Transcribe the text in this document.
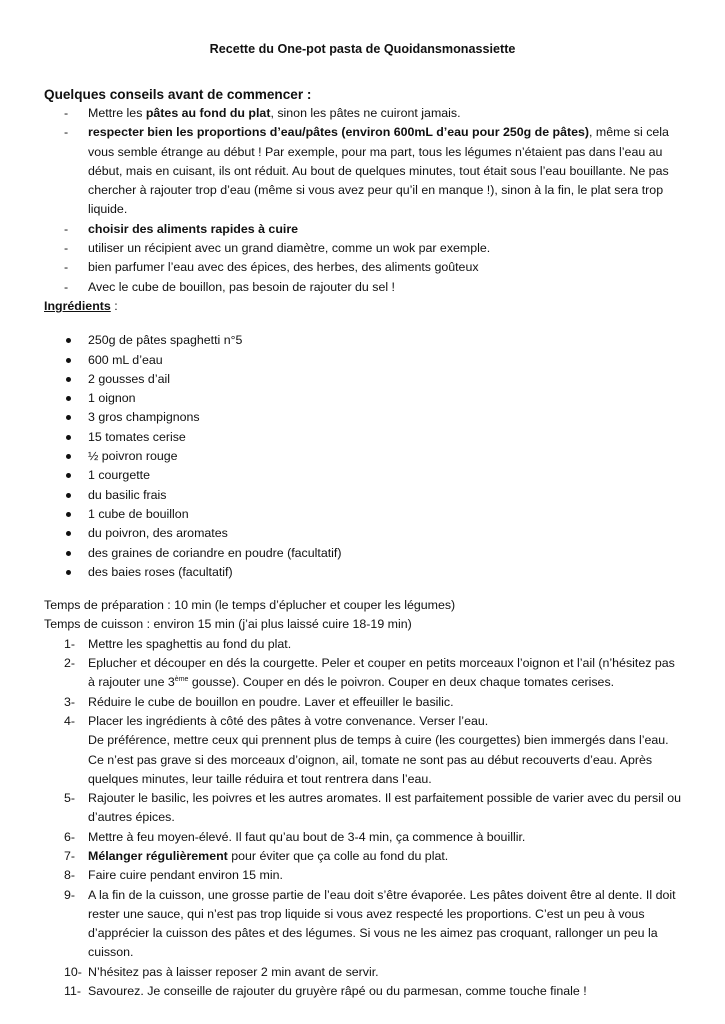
Recette du One-pot pasta de Quoidansmonassiette

Quelques conseils avant de commencer :

- Mettre les pâtes au fond du plat, sinon les pâtes ne cuiront jamais.
- respecter bien les proportions d’eau/pâtes (environ 600mL d’eau pour 250g de pâtes), même si cela vous semble étrange au début ! Par exemple, pour ma part, tous les légumes n’étaient pas dans l’eau au début, mais en cuisant, ils ont réduit. Au bout de quelques minutes, tout était sous l’eau bouillante. Ne pas chercher à rajouter trop d’eau (même si vous avez peur qu’il en manque !), sinon à la fin, le plat sera trop liquide.
- choisir des aliments rapides à cuire
- utiliser un récipient avec un grand diamètre, comme un wok par exemple.
- bien parfumer l’eau avec des épices, des herbes, des aliments goûteux
- Avec le cube de bouillon, pas besoin de rajouter du sel !

Ingrédients :

250g de pâtes spaghetti n°5
600 mL d’eau
2 gousses d’ail
1 oignon
3 gros champignons
15 tomates cerise
½ poivron rouge
1 courgette
du basilic frais
1 cube de bouillon
du poivron, des aromates
des graines de coriandre en poudre (facultatif)
des baies roses (facultatif)

Temps de préparation : 10 min (le temps d’éplucher et couper les légumes)

Temps de cuisson : environ 15 min (j’ai plus laissé cuire 18-19 min)

1- Mettre les spaghettis au fond du plat.
2- Eplucher et découper en dés la courgette. Peler et couper en petits morceaux l’oignon et l’ail (n’hésitez pas à rajouter une 3ème gousse). Couper en dés le poivron. Couper en deux chaque tomates cerises.
3- Réduire le cube de bouillon en poudre. Laver et effeuiller le basilic.
4- Placer les ingrédients à côté des pâtes à votre convenance. Verser l’eau.
De préférence, mettre ceux qui prennent plus de temps à cuire (les courgettes) bien immergés dans l’eau. Ce n’est pas grave si des morceaux d’oignon, ail, tomate ne sont pas au début recouverts d’eau. Après quelques minutes, leur taille réduira et tout rentrera dans l’eau.
5- Rajouter le basilic, les poivres et les autres aromates. Il est parfaitement possible de varier avec du persil ou d’autres épices.
6- Mettre à feu moyen-élevé. Il faut qu’au bout de 3-4 min, ça commence à bouillir.
7- Mélanger régulièrement pour éviter que ça colle au fond du plat.
8- Faire cuire pendant environ 15 min.
9- A la fin de la cuisson, une grosse partie de l’eau doit s’être évaporée. Les pâtes doivent être al dente. Il doit rester une sauce, qui n’est pas trop liquide si vous avez respecté les proportions. C’est un peu à vous d’apprécier la cuisson des pâtes et des légumes. Si vous ne les aimez pas croquant, rallonger un peu la cuisson.
10- N’hésitez pas à laisser reposer 2 min avant de servir.
11- Savourez. Je conseille de rajouter du gruyère râpé ou du parmesan, comme touche finale !
